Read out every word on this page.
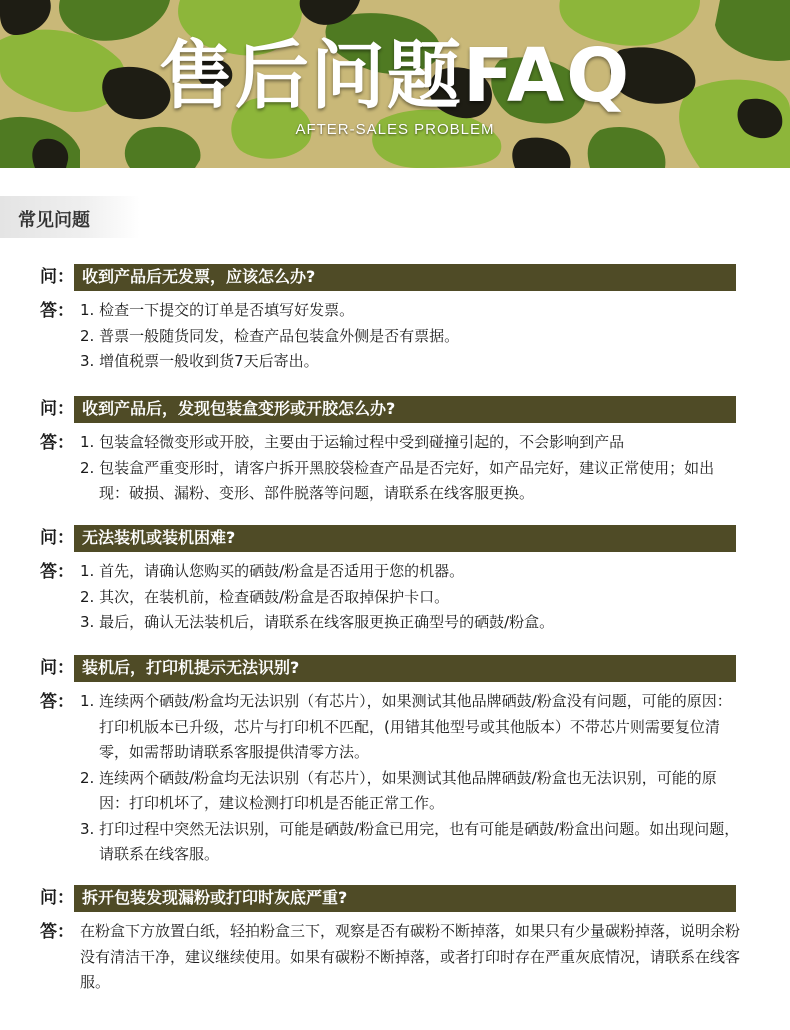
售后问题FAQ
AFTER-SALES PROBLEM
常见问题
问： 收到产品后无发票，应该怎么办?
答： 1. 检查一下提交的订单是否填写好发票。
2. 普票一般随货同发，检查产品包装盒外侧是否有票据。
3. 增值税票一般收到货7天后寄出。
问： 收到产品后，发现包装盒变形或开胶怎么办?
答： 1. 包装盒轻微变形或开胶，主要由于运输过程中受到碰撞引起的，不会影响到产品
2. 包装盒严重变形时，请客户拆开黑胶袋检查产品是否完好，如产品完好，建议正常使用；如出现：破损、漏粉、变形、部件脱落等问题，请联系在线客服更换。
问： 无法装机或装机困难?
答： 1. 首先，请确认您购买的硒鼓/粉盒是否适用于您的机器。
2. 其次，在装机前，检查硒鼓/粉盒是否取掉保护卡口。
3. 最后，确认无法装机后，请联系在线客服更换正确型号的硒鼓/粉盒。
问： 装机后，打印机提示无法识别?
答： 1. 连续两个硒鼓/粉盒均无法识别（有芯片），如果测试其他品牌硒鼓/粉盒没有问题，可能的原因：打印机版本已升级，芯片与打印机不匹配，(用错其他型号或其他版本）不带芯片则需要复位清零，如需帮助请联系客服提供清零方法。
2. 连续两个硒鼓/粉盒均无法识别（有芯片），如果测试其他品牌硒鼓/粉盒也无法识别，可能的原因：打印机坏了，建议检测打印机是否能正常工作。
3. 打印过程中突然无法识别，可能是硒鼓/粉盒已用完，也有可能是硒鼓/粉盒出问题。如出现问题，请联系在线客服。
问： 拆开包装发现漏粉或打印时灰底严重?
答： 在粉盒下方放置白纸，轻拍粉盒三下，观察是否有碳粉不断掉落，如果只有少量碳粉掉落，说明余粉没有清洁干净，建议继续使用。如果有碳粉不断掉落，或者打印时存在严重灰底情况，请联系在线客服。
